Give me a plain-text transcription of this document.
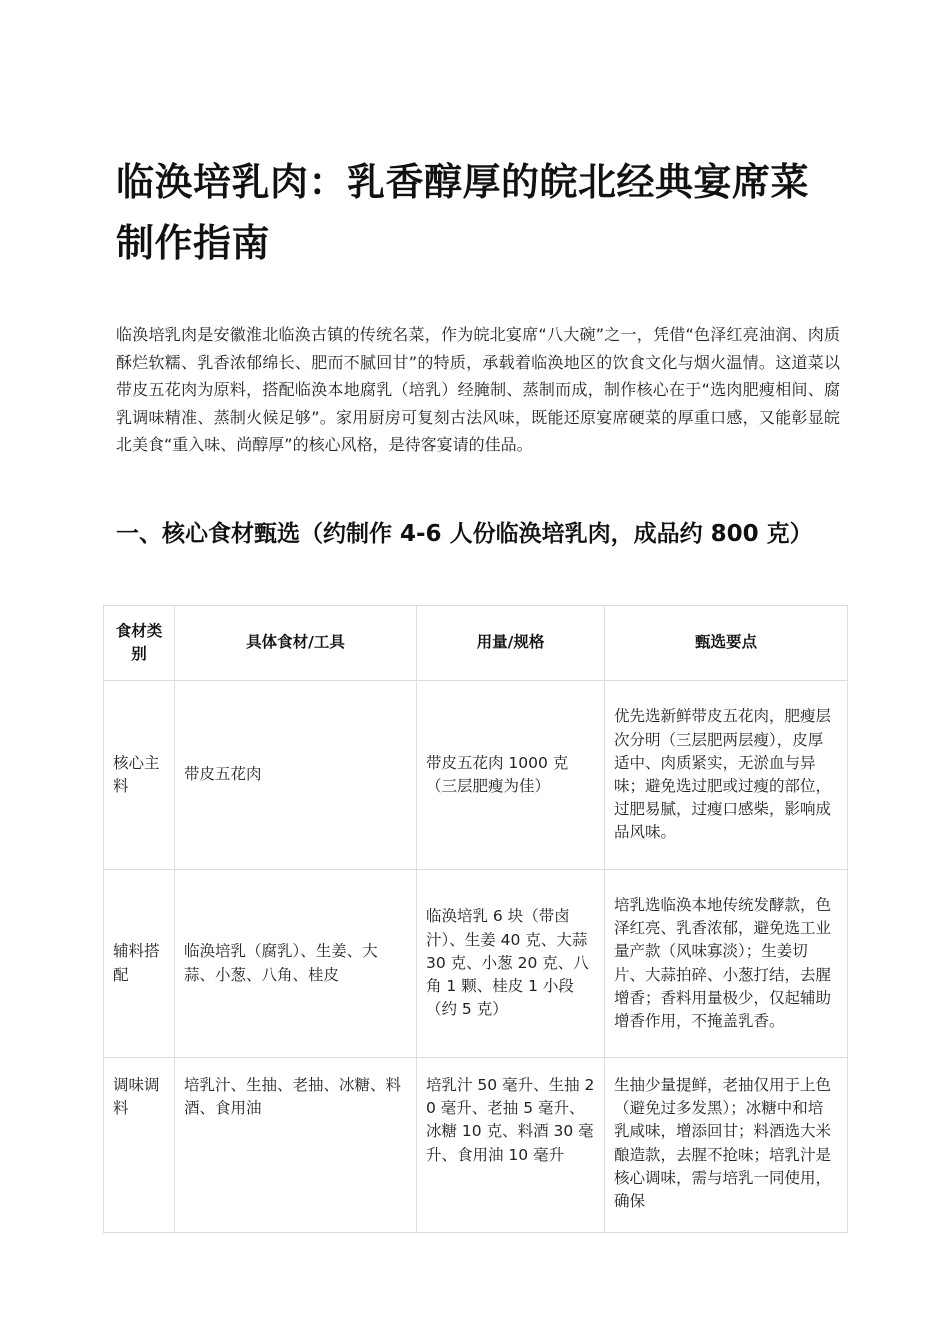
临涣培乳肉：乳香醇厚的皖北经典宴席菜制作指南

临涣培乳肉是安徽淮北临涣古镇的传统名菜，作为皖北宴席“八大碗”之一，凭借“色泽红亮油润、肉质酥烂软糯、乳香浓郁绵长、肥而不腻回甘”的特质，承载着临涣地区的饮食文化与烟火温情。这道菜以带皮五花肉为原料，搭配临涣本地腐乳（培乳）经腌制、蒸制而成，制作核心在于“选肉肥瘦相间、腐乳调味精准、蒸制火候足够”。家用厨房可复刻古法风味，既能还原宴席硬菜的厚重口感，又能彰显皖北美食“重入味、尚醇厚”的核心风格，是待客宴请的佳品。

一、核心食材甄选（约制作 4-6 人份临涣培乳肉，成品约 800 克）
食材类别	具体食材/工具	用量/规格	甄选要点
核心主料	带皮五花肉	带皮五花肉 1000 克（三层肥瘦为佳）	优先选新鲜带皮五花肉，肥瘦层次分明（三层肥两层瘦），皮厚适中、肉质紧实，无淤血与异味；避免选过肥或过瘦的部位，过肥易腻，过瘦口感柴，影响成品风味。
辅料搭配	临涣培乳（腐乳）、生姜、大蒜、小葱、八角、桂皮	临涣培乳 6 块（带卤汁）、生姜 40 克、大蒜 30 克、小葱 20 克、八角 1 颗、桂皮 1 小段（约 5 克）	培乳选临涣本地传统发酵款，色泽红亮、乳香浓郁，避免选工业量产款（风味寡淡）；生姜切片、大蒜拍碎、小葱打结，去腥增香；香料用量极少，仅起辅助增香作用，不掩盖乳香。

调味调料	培乳汁、生抽、老抽、冰糖、料酒、食用油	培乳汁 50 毫升、生抽 20 毫升、老抽 5 毫升、冰糖 10 克、料酒 30 毫升、食用油 10 毫升	生抽少量提鲜，老抽仅用于上色（避免过多发黑）；冰糖中和培乳咸味，增添回甘；料酒选大米酿造款，去腥不抢味；培乳汁是核心调味，需与培乳一同使用，确保
